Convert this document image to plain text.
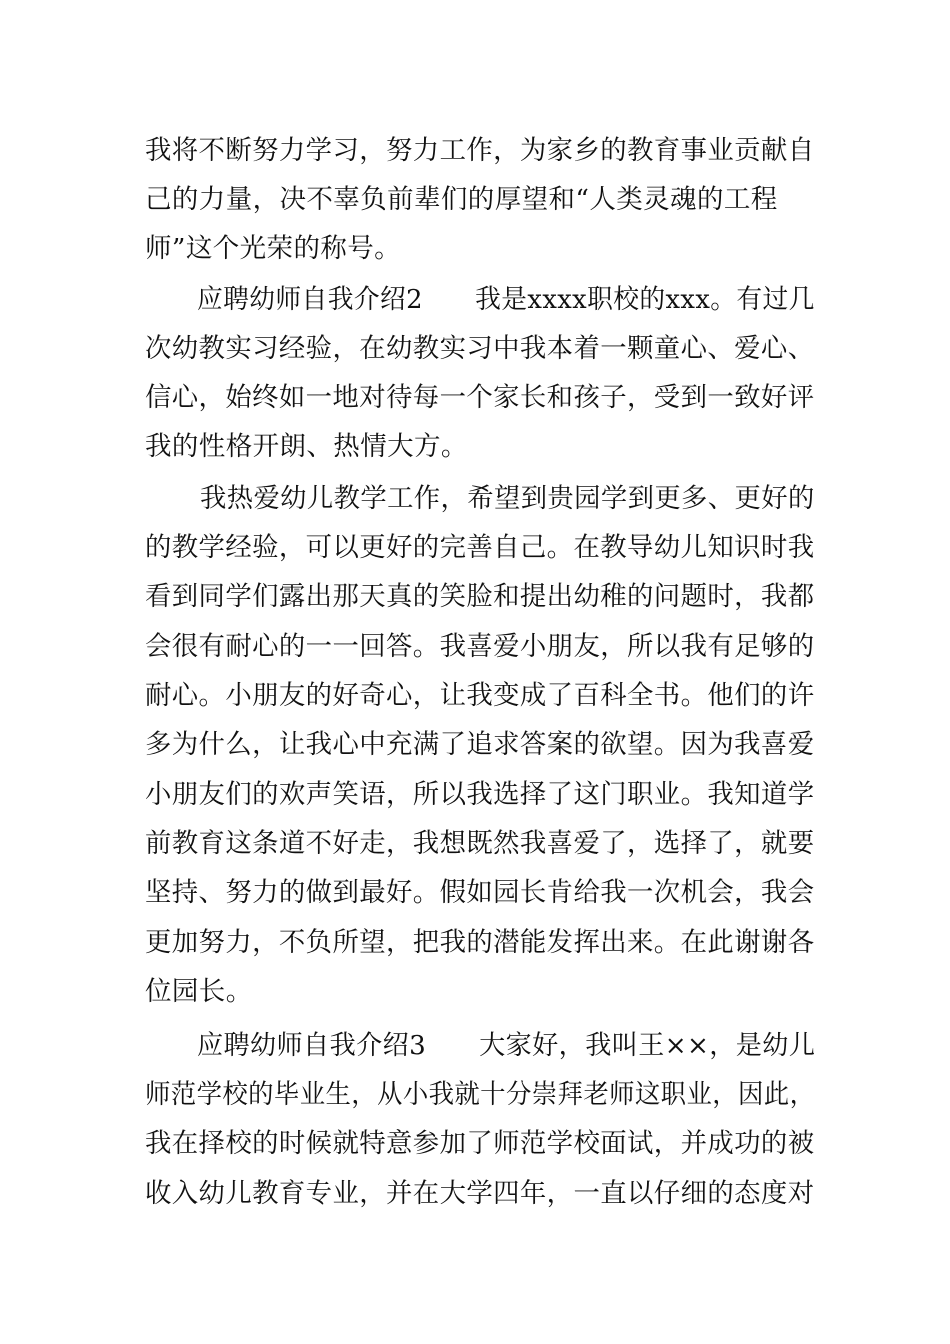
我将不断努力学习，努力工作，为家乡的教育事业贡献自
己的力量，决不辜负前辈们的厚望和“人类灵魂的工程
师”这个光荣的称号。
应聘幼师自我介绍2　　我是xxxx职校的xxx。有过几
次幼教实习经验，在幼教实习中我本着一颗童心、爱心、
信心，始终如一地对待每一个家长和孩子，受到一致好评
我的性格开朗、热情大方。
我热爱幼儿教学工作，希望到贵园学到更多、更好的
的教学经验，可以更好的完善自己。在教导幼儿知识时我
看到同学们露出那天真的笑脸和提出幼稚的问题时，我都
会很有耐心的一一回答。我喜爱小朋友，所以我有足够的
耐心。小朋友的好奇心，让我变成了百科全书。他们的许
多为什么，让我心中充满了追求答案的欲望。因为我喜爱
小朋友们的欢声笑语，所以我选择了这门职业。我知道学
前教育这条道不好走，我想既然我喜爱了，选择了，就要
坚持、努力的做到最好。假如园长肯给我一次机会，我会
更加努力，不负所望，把我的潜能发挥出来。在此谢谢各
位园长。
应聘幼师自我介绍3　　大家好，我叫王××，是幼儿
师范学校的毕业生，从小我就十分崇拜老师这职业，因此，
我在择校的时候就特意参加了师范学校面试，并成功的被
收入幼儿教育专业，并在大学四年，一直以仔细的态度对
